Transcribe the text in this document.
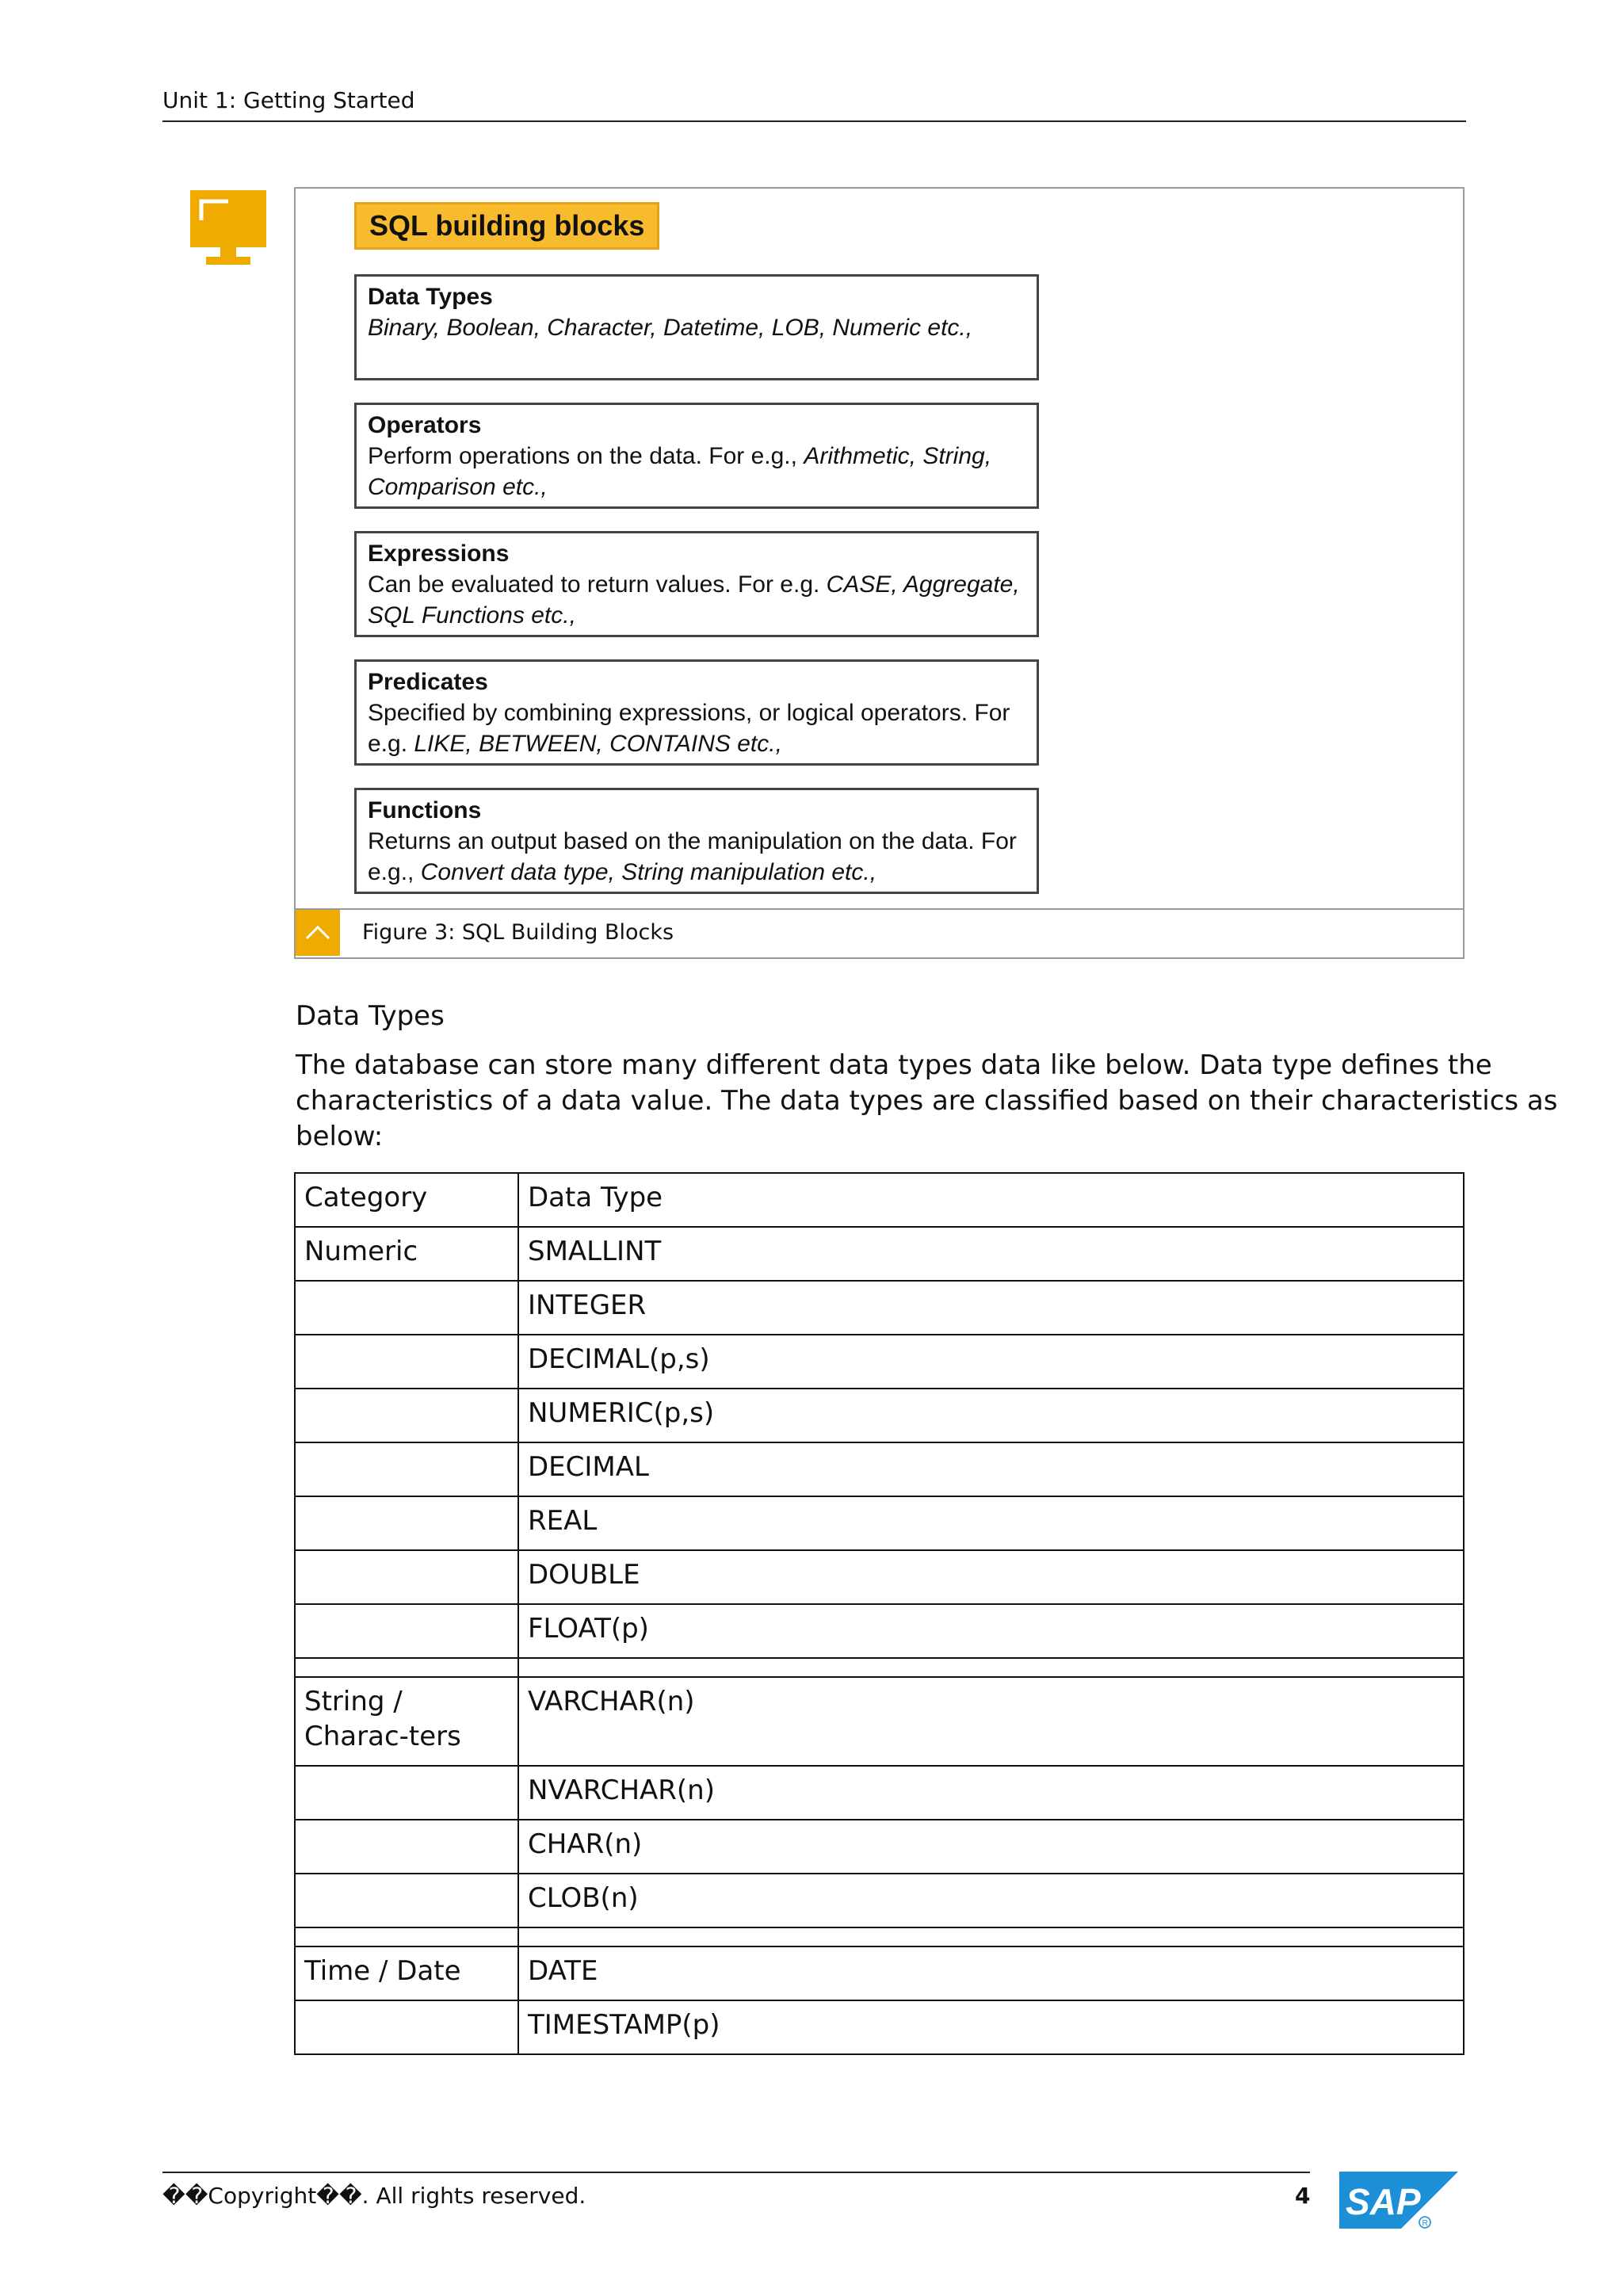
Unit 1: Getting Started
SQL building blocks
Data Types
Binary, Boolean, Character, Datetime, LOB, Numeric etc.,
Operators
Perform operations on the data. For e.g., Arithmetic, String, Comparison etc.,
Expressions
Can be evaluated to return values. For e.g. CASE, Aggregate, SQL Functions etc.,
Predicates
Specified by combining expressions, or logical operators. For e.g. LIKE, BETWEEN, CONTAINS etc.,
Functions
Returns an output based on the manipulation on the data. For e.g., Convert data type, String manipulation etc.,
Figure 3: SQL Building Blocks
Data Types
The database can store many different data types data like below. Data type defines the characteristics of a data value. The data types are classified based on their characteristics as below:
Category	Data Type
Numeric	SMALLINT
	INTEGER
	DECIMAL(p,s)
	NUMERIC(p,s)
	DECIMAL
	REAL
	DOUBLE
	FLOAT(p)

String / Charac-ters	VARCHAR(n)
	NVARCHAR(n)
	CHAR(n)
	CLOB(n)

Time / Date	DATE
	TIMESTAMP(p)
��Copyright��. All rights reserved.	4 SAP
R
